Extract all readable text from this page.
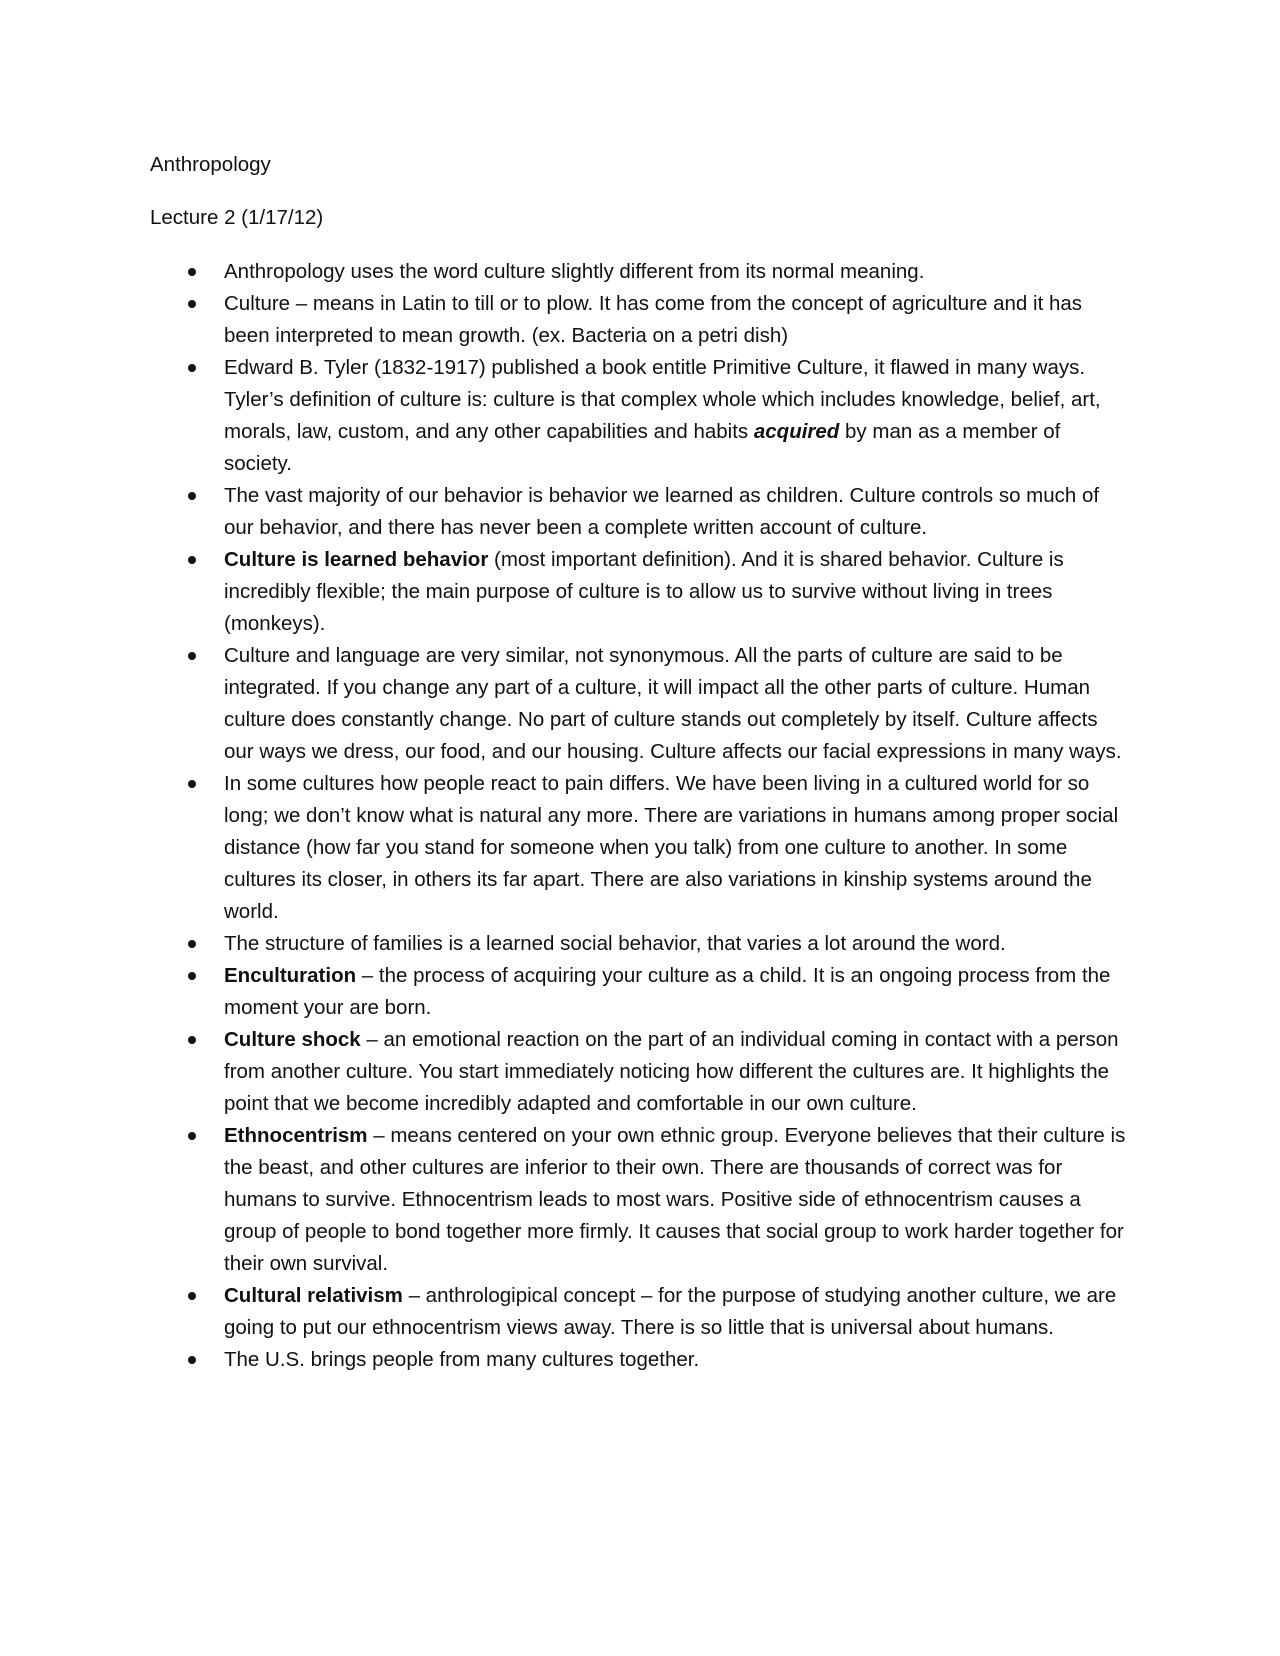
Anthropology
Lecture 2 (1/17/12)
Anthropology uses the word culture slightly different from its normal meaning.
Culture – means in Latin to till or to plow. It has come from the concept of agriculture and it has been interpreted to mean growth. (ex. Bacteria on a petri dish)
Edward B. Tyler (1832-1917) published a book entitle Primitive Culture, it flawed in many ways. Tyler’s definition of culture is: culture is that complex whole which includes knowledge, belief, art, morals, law, custom, and any other capabilities and habits acquired by man as a member of society.
The vast majority of our behavior is behavior we learned as children. Culture controls so much of our behavior, and there has never been a complete written account of culture.
Culture is learned behavior (most important definition). And it is shared behavior. Culture is incredibly flexible; the main purpose of culture is to allow us to survive without living in trees (monkeys).
Culture and language are very similar, not synonymous. All the parts of culture are said to be integrated. If you change any part of a culture, it will impact all the other parts of culture. Human culture does constantly change. No part of culture stands out completely by itself. Culture affects our ways we dress, our food, and our housing. Culture affects our facial expressions in many ways.
In some cultures how people react to pain differs. We have been living in a cultured world for so long; we don’t know what is natural any more. There are variations in humans among proper social distance (how far you stand for someone when you talk) from one culture to another. In some cultures its closer, in others its far apart. There are also variations in kinship systems around the world.
The structure of families is a learned social behavior, that varies a lot around the word.
Enculturation – the process of acquiring your culture as a child. It is an ongoing process from the moment your are born.
Culture shock – an emotional reaction on the part of an individual coming in contact with a person from another culture. You start immediately noticing how different the cultures are. It highlights the point that we become incredibly adapted and comfortable in our own culture.
Ethnocentrism – means centered on your own ethnic group. Everyone believes that their culture is the beast, and other cultures are inferior to their own. There are thousands of correct was for humans to survive. Ethnocentrism leads to most wars. Positive side of ethnocentrism causes a group of people to bond together more firmly. It causes that social group to work harder together for their own survival.
Cultural relativism – anthrologipical concept – for the purpose of studying another culture, we are going to put our ethnocentrism views away. There is so little that is universal about humans.
The U.S. brings people from many cultures together.
